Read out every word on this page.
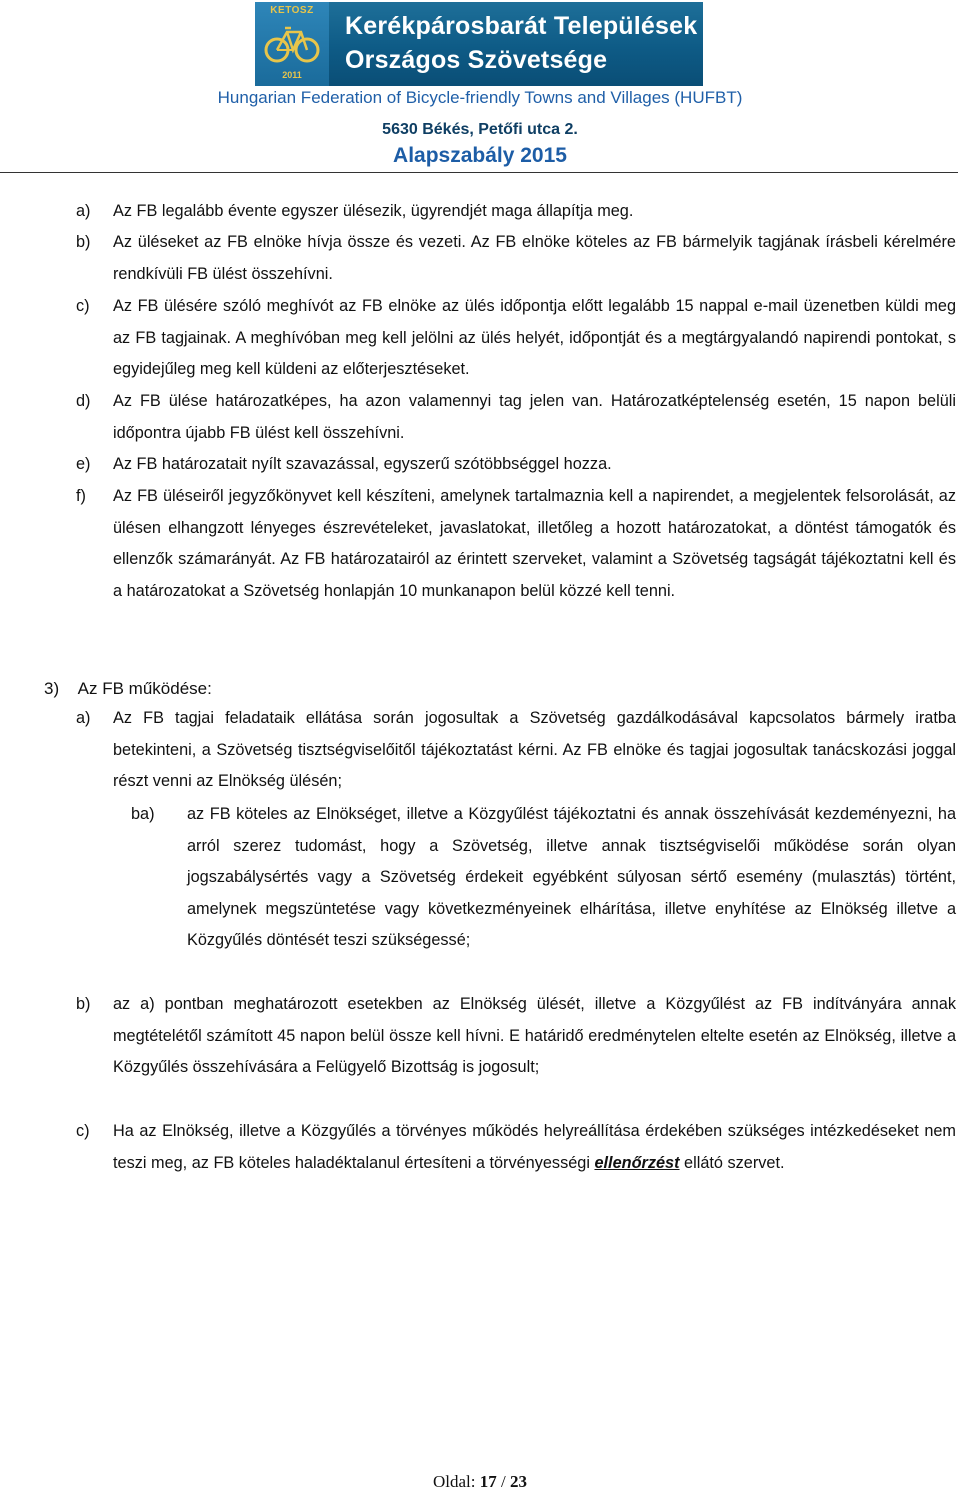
KETOSZ
2011
Kerékpárosbarát Települések
Országos Szövetsége
Hungarian Federation of Bicycle-friendly Towns and Villages (HUFBT)
5630 Békés, Petőfi utca 2.
Alapszabály 2015
a) Az FB legalább évente egyszer ülésezik, ügyrendjét maga állapítja meg.
b) Az üléseket az FB elnöke hívja össze és vezeti. Az FB elnöke köteles az FB bármelyik tagjának írásbeli kérelmére rendkívüli FB ülést összehívni.
c) Az FB ülésére szóló meghívót az FB elnöke az ülés időpontja előtt legalább 15 nappal e-mail üzenetben küldi meg az FB tagjainak. A meghívóban meg kell jelölni az ülés helyét, időpontját és a megtárgyalandó napirendi pontokat, s egyidejűleg meg kell küldeni az előterjesztéseket.
d) Az FB ülése határozatképes, ha azon valamennyi tag jelen van. Határozatképtelenség esetén, 15 napon belüli időpontra újabb FB ülést kell összehívni.
e) Az FB határozatait nyílt szavazással, egyszerű szótöbbséggel hozza.
f) Az FB üléseiről jegyzőkönyvet kell készíteni, amelynek tartalmaznia kell a napirendet, a megjelentek felsorolását, az ülésen elhangzott lényeges észrevételeket, javaslatokat, illetőleg a hozott határozatokat, a döntést támogatók és ellenzők számarányát. Az FB határozatairól az érintett szerveket, valamint a Szövetség tagságát tájékoztatni kell és a határozatokat a Szövetség honlapján 10 munkanapon belül közzé kell tenni.
3) Az FB működése:
a) Az FB tagjai feladataik ellátása során jogosultak a Szövetség gazdálkodásával kapcsolatos bármely iratba betekinteni, a Szövetség tisztségviselőitől tájékoztatást kérni. Az FB elnöke és tagjai jogosultak tanácskozási joggal részt venni az Elnökség ülésén;
ba) az FB köteles az Elnökséget, illetve a Közgyűlést tájékoztatni és annak összehívását kezdeményezni, ha arról szerez tudomást, hogy a Szövetség, illetve annak tisztségviselői működése során olyan jogszabálysértés vagy a Szövetség érdekeit egyébként súlyosan sértő esemény (mulasztás) történt, amelynek megszüntetése vagy következményeinek elhárítása, illetve enyhítése az Elnökség illetve a Közgyűlés döntését teszi szükségessé;
b) az a) pontban meghatározott esetekben az Elnökség ülését, illetve a Közgyűlést az FB indítványára annak megtételétől számított 45 napon belül össze kell hívni. E határidő eredménytelen eltelte esetén az Elnökség, illetve a Közgyűlés összehívására a Felügyelő Bizottság is jogosult;
c) Ha az Elnökség, illetve a Közgyűlés a törvényes működés helyreállítása érdekében szükséges intézkedéseket nem teszi meg, az FB köteles haladéktalanul értesíteni a törvényességi ellenőrzést ellátó szervet.
Oldal: 17 / 23
